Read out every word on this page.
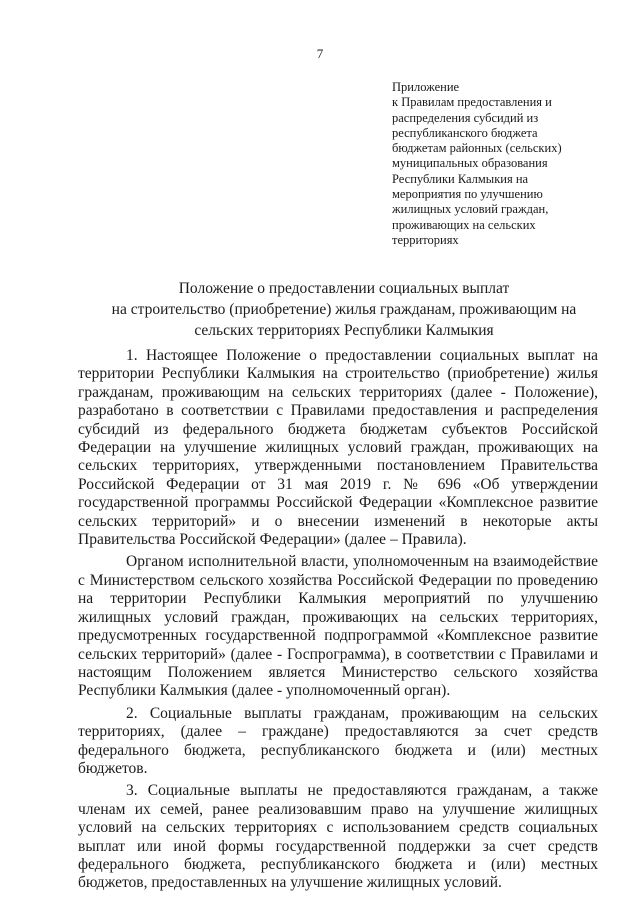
7
Приложение
к Правилам предоставления и
распределения субсидий из
республиканского бюджета
бюджетам районных (сельских)
муниципальных образования
Республики Калмыкия на
мероприятия по улучшению
жилищных условий граждан,
проживающих на сельских
территориях
Положение о предоставлении социальных выплат
на строительство (приобретение) жилья гражданам, проживающим на
сельских территориях Республики Калмыкия
1. Настоящее Положение о предоставлении социальных выплат на
территории Республики Калмыкия на строительство (приобретение) жилья
гражданам, проживающим на сельских территориях (далее - Положение),
разработано в соответствии с Правилами предоставления и распределения
субсидий из федерального бюджета бюджетам субъектов Российской
Федерации на улучшение жилищных условий граждан, проживающих на
сельских территориях, утвержденными постановлением Правительства
Российской Федерации от 31 мая 2019 г. № 696 «Об утверждении
государственной программы Российской Федерации «Комплексное развитие
сельских территорий» и о внесении изменений в некоторые акты
Правительства Российской Федерации» (далее – Правила).
Органом исполнительной власти, уполномоченным на взаимодействие
с Министерством сельского хозяйства Российской Федерации по проведению
на территории Республики Калмыкия мероприятий по улучшению
жилищных условий граждан, проживающих на сельских территориях,
предусмотренных государственной подпрограммой «Комплексное развитие
сельских территорий» (далее - Госпрограмма), в соответствии с Правилами и
настоящим Положением является Министерство сельского хозяйства
Республики Калмыкия (далее - уполномоченный орган).
2. Социальные выплаты гражданам, проживающим на сельских
территориях, (далее – граждане) предоставляются за счет средств
федерального бюджета, республиканского бюджета и (или) местных
бюджетов.
3. Социальные выплаты не предоставляются гражданам, а также
членам их семей, ранее реализовавшим право на улучшение жилищных
условий на сельских территориях с использованием средств социальных
выплат или иной формы государственной поддержки за счет средств
федерального бюджета, республиканского бюджета и (или) местных
бюджетов, предоставленных на улучшение жилищных условий.
